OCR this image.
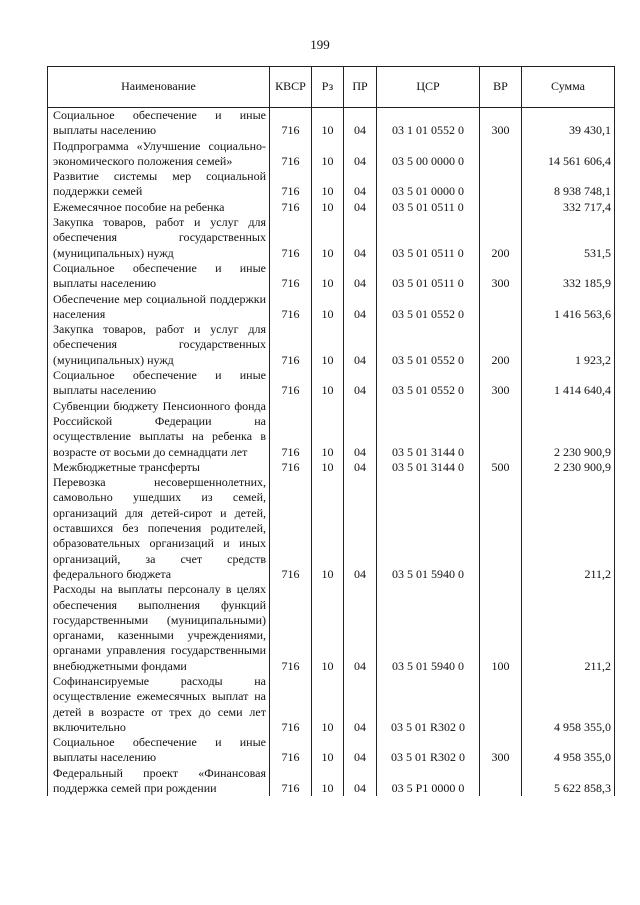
199
Наименование	КВСР	Рз	ПР	ЦСР	ВР	Сумма
Социальное обеспечение и иные выплаты населению	716	10	04	03 1 01 0552 0	300	39 430,1
Подпрограмма «Улучшение социально-экономического положения семей»	716	10	04	03 5 00 0000 0		14 561 606,4
Развитие системы мер социальной поддержки семей	716	10	04	03 5 01 0000 0		8 938 748,1
Ежемесячное пособие на ребенка	716	10	04	03 5 01 0511 0		332 717,4
Закупка товаров, работ и услуг для обеспечения государственных (муниципальных) нужд	716	10	04	03 5 01 0511 0	200	531,5
Социальное обеспечение и иные выплаты населению	716	10	04	03 5 01 0511 0	300	332 185,9
Обеспечение мер социальной поддержки населения	716	10	04	03 5 01 0552 0		1 416 563,6
Закупка товаров, работ и услуг для обеспечения государственных (муниципальных) нужд	716	10	04	03 5 01 0552 0	200	1 923,2
Социальное обеспечение и иные выплаты населению	716	10	04	03 5 01 0552 0	300	1 414 640,4
Субвенции бюджету Пенсионного фонда Российской Федерации на осуществление выплаты на ребенка в возрасте от восьми до семнадцати лет	716	10	04	03 5 01 3144 0		2 230 900,9
Межбюджетные трансферты	716	10	04	03 5 01 3144 0	500	2 230 900,9
Перевозка несовершеннолетних, самовольно ушедших из семей, организаций для детей-сирот и детей, оставшихся без попечения родителей, образовательных организаций и иных организаций, за счет средств федерального бюджета	716	10	04	03 5 01 5940 0		211,2
Расходы на выплаты персоналу в целях обеспечения выполнения функций государственными (муниципальными) органами, казенными учреждениями, органами управления государственными внебюджетными фондами	716	10	04	03 5 01 5940 0	100	211,2
Софинансируемые расходы на осуществление ежемесячных выплат на детей в возрасте от трех до семи лет включительно	716	10	04	03 5 01 R302 0		4 958 355,0
Социальное обеспечение и иные выплаты населению	716	10	04	03 5 01 R302 0	300	4 958 355,0
Федеральный проект «Финансовая поддержка семей при рождении	716	10	04	03 5 P1 0000 0		5 622 858,3
